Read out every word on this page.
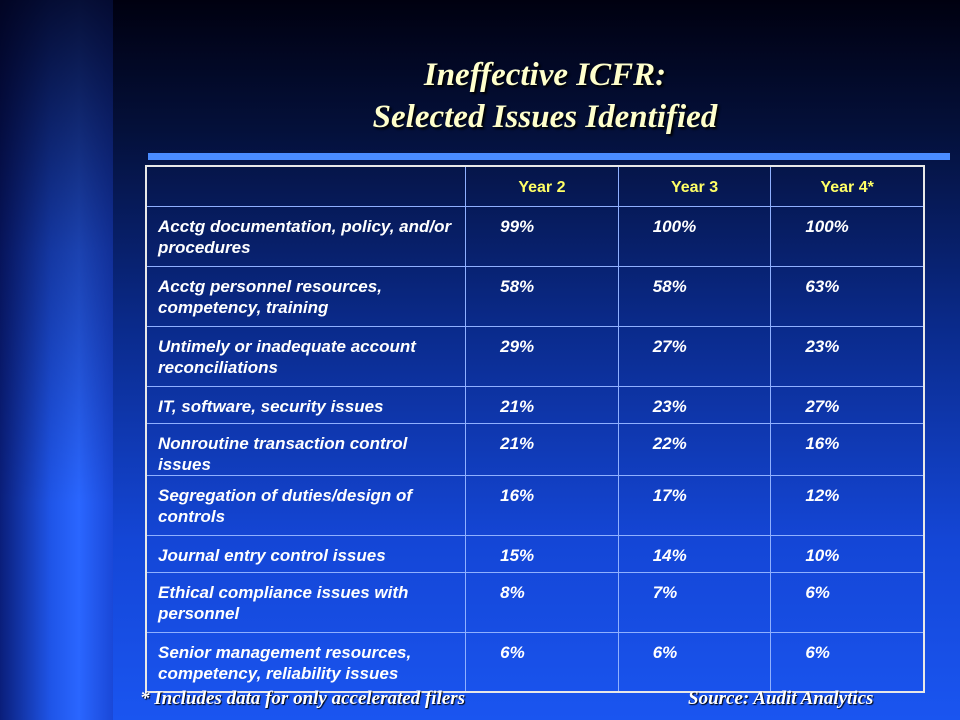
Ineffective ICFR:
Selected Issues Identified
	Year 2	Year 3	Year 4*
Acctg documentation, policy, and/or procedures	99%	100%	100%
Acctg personnel resources, competency, training	58%	58%	63%
Untimely or inadequate account reconciliations	29%	27%	23%
IT, software, security issues	21%	23%	27%
Nonroutine transaction control issues	21%	22%	16%
Segregation of duties/design of controls	16%	17%	12%
Journal entry control issues	15%	14%	10%
Ethical compliance issues with personnel	8%	7%	6%
Senior management resources, competency, reliability issues	6%	6%	6%
* Includes data for only accelerated filers	Source: Audit Analytics
